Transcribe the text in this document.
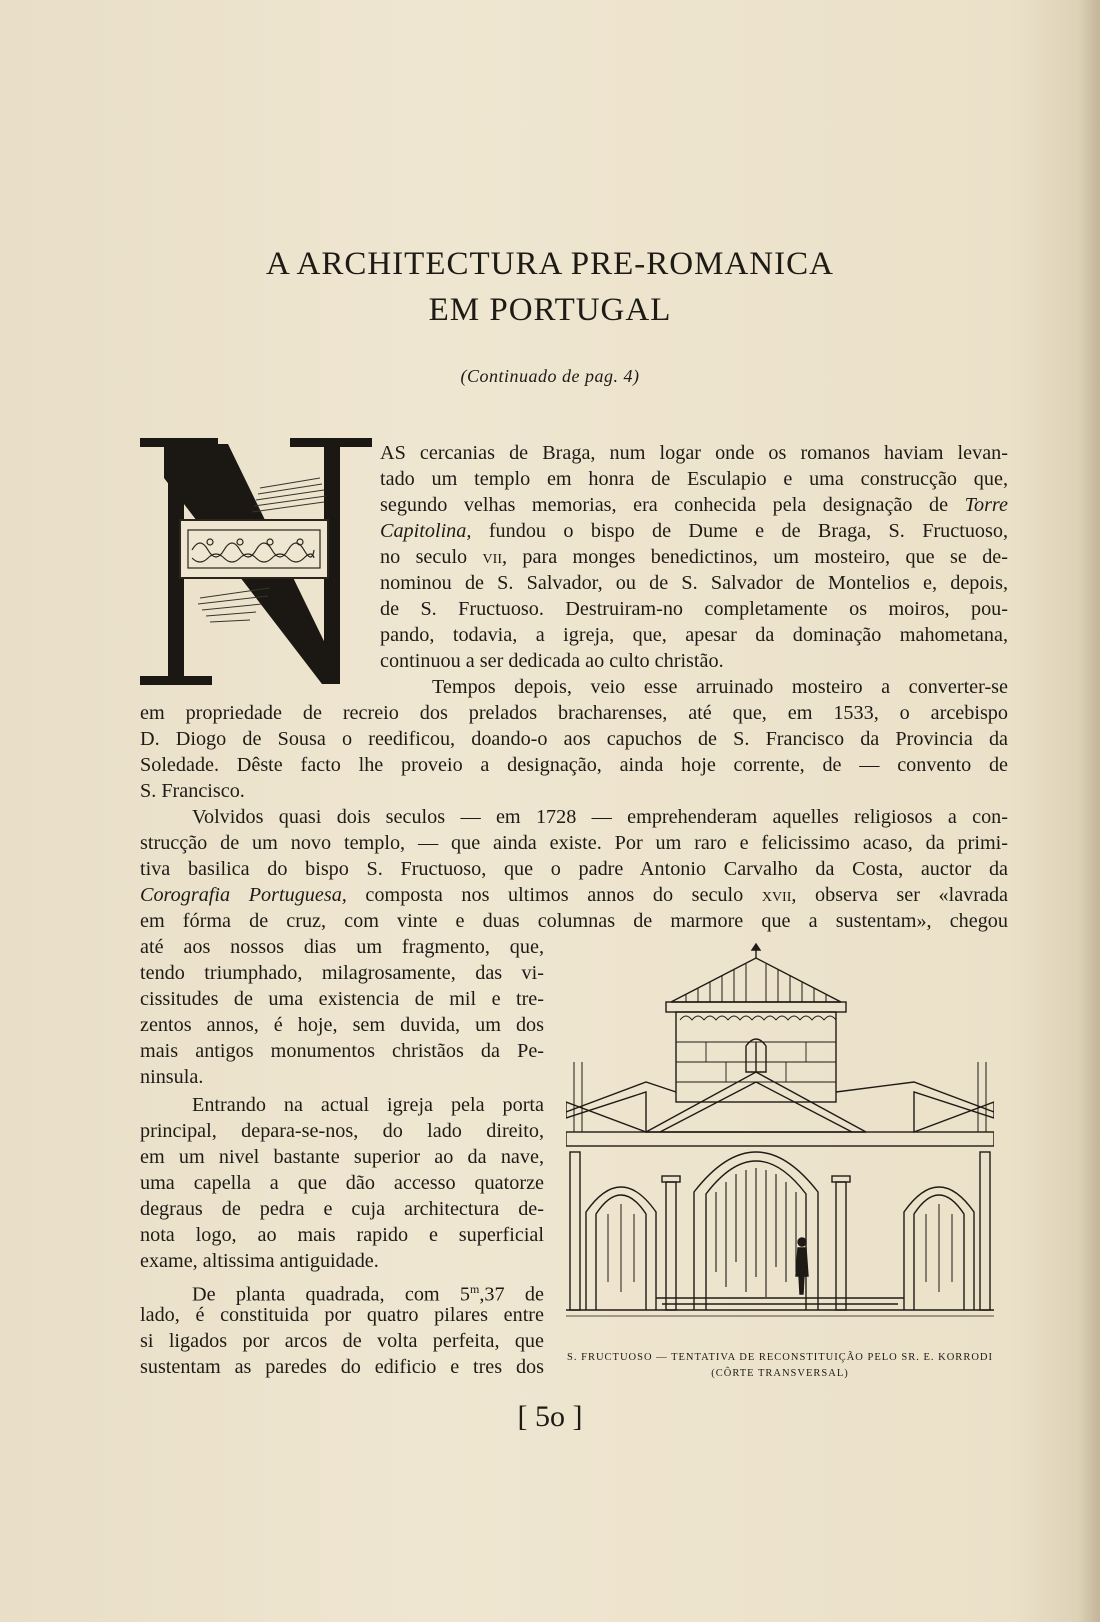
A ARCHITECTURA PRE-ROMANICA
EM PORTUGAL
(Continuado de pag. 4)
AS cercanias de Braga, num logar onde os romanos haviam levan-
tado um templo em honra de Esculapio e uma construcção que,
segundo velhas memorias, era conhecida pela designação de Torre
Capitolina, fundou o bispo de Dume e de Braga, S. Fructuoso,
no seculo vii, para monges benedictinos, um mosteiro, que se de-
nominou de S. Salvador, ou de S. Salvador de Montelios e, depois,
de S. Fructuoso. Destruiram-no completamente os moiros, pou-
pando, todavia, a igreja, que, apesar da dominação mahometana,
continuou a ser dedicada ao culto christão.
Tempos depois, veio esse arruinado mosteiro a converter-se
em propriedade de recreio dos prelados bracharenses, até que, em 1533, o arcebispo
D. Diogo de Sousa o reedificou, doando-o aos capuchos de S. Francisco da Provincia da
Soledade. Dêste facto lhe proveio a designação, ainda hoje corrente, de — convento de
S. Francisco.
Volvidos quasi dois seculos — em 1728 — emprehenderam aquelles religiosos a con-
strucção de um novo templo, — que ainda existe. Por um raro e felicissimo acaso, da primi-
tiva basilica do bispo S. Fructuoso, que o padre Antonio Carvalho da Costa, auctor da
Corografia Portuguesa, composta nos ultimos annos do seculo xvii, observa ser «lavrada
em fórma de cruz, com vinte e duas columnas de marmore que a sustentam», chegou
até aos nossos dias um fragmento, que,
tendo triumphado, milagrosamente, das vi-
cissitudes de uma existencia de mil e tre-
zentos annos, é hoje, sem duvida, um dos
mais antigos monumentos christãos da Pe-
ninsula.
Entrando na actual igreja pela porta
principal, depara-se-nos, do lado direito,
em um nivel bastante superior ao da nave,
uma capella a que dão accesso quatorze
degraus de pedra e cuja architectura de-
nota logo, ao mais rapido e superficial
exame, altissima antiguidade.
De planta quadrada, com 5$^m$,37 de
lado, é constituida por quatro pilares entre
si ligados por arcos de volta perfeita, que
sustentam as paredes do edificio e tres dos	S. FRUCTUOSO — TENTATIVA DE RECONSTITUIÇÃO PELO SR. E. KORRODI
(CÔRTE TRANSVERSAL)
[ 5o ]
